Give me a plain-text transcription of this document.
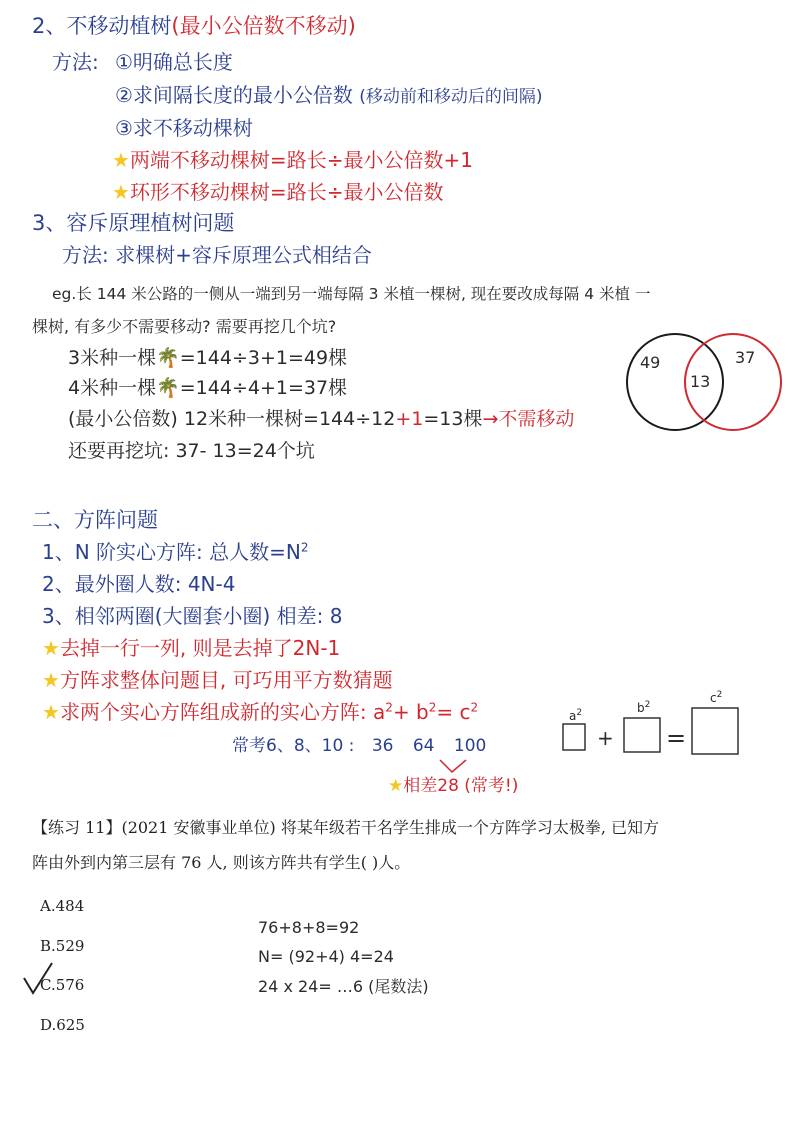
2、不移动植树(最小公倍数不移动)
方法: ①明确总长度
②求间隔长度的最小公倍数 (移动前和移动后的间隔)
③求不移动棵树
★两端不移动棵树=路长÷最小公倍数+1
★环形不移动棵树=路长÷最小公倍数
3、容斥原理植树问题
方法: 求棵树+容斥原理公式相结合
eg.长 144 米公路的一侧从一端到另一端每隔 3 米植一棵树, 现在要改成每隔 4 米植 一
棵树, 有多少不需要移动? 需要再挖几个坑?
3米种一棵🌴=144÷3+1=49棵
4米种一棵🌴=144÷4+1=37棵
(最小公倍数) 12米种一棵树=144÷12+1=13棵→不需移动
还要再挖坑: 37- 13=24个坑
49
13
37
二、方阵问题
1、N 阶实心方阵: 总人数$=N^2$
2、最外圈人数: 4N-4
3、相邻两圈(大圈套小圈) 相差: 8
★去掉一行一列, 则是去掉了2N-1
★方阵求整体问题目, 可巧用平方数猜题
★求两个实心方阵组成新的实心方阵: $a^2+ b^2= c^2$
常考6、8、10 : 36 64 100
★相差28 (常考!)
$a^2$	$b^2$	$c^2$
+ =
【练习 11】(2021 安徽事业单位) 将某年级若干名学生排成一个方阵学习太极拳, 已知方
阵由外到内第三层有 76 人, 则该方阵共有学生( )人。
A.484
B.529
C.576
D.625
76+8+8=92
N= (92+4) 4=24
24 x 24= …6 (尾数法)
